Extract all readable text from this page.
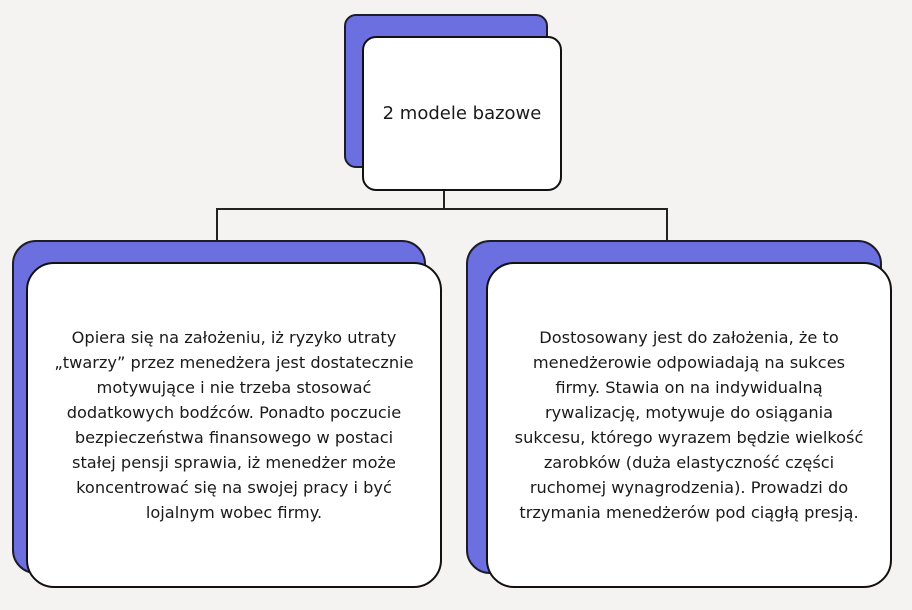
2 modele bazowe
Opiera się na założeniu, iż ryzyko utraty „twarzy” przez menedżera jest dostatecznie motywujące i nie trzeba stosować dodatkowych bodźców. Ponadto poczucie bezpieczeństwa finansowego w postaci stałej pensji sprawia, iż menedżer może koncentrować się na swojej pracy i być lojalnym wobec firmy.
Dostosowany jest do założenia, że to menedżerowie odpowiadają na sukces firmy. Stawia on na indywidualną rywalizację, motywuje do osiągania sukcesu, którego wyrazem będzie wielkość zarobków (duża elastyczność części ruchomej wynagrodzenia). Prowadzi do trzymania menedżerów pod ciągłą presją.
